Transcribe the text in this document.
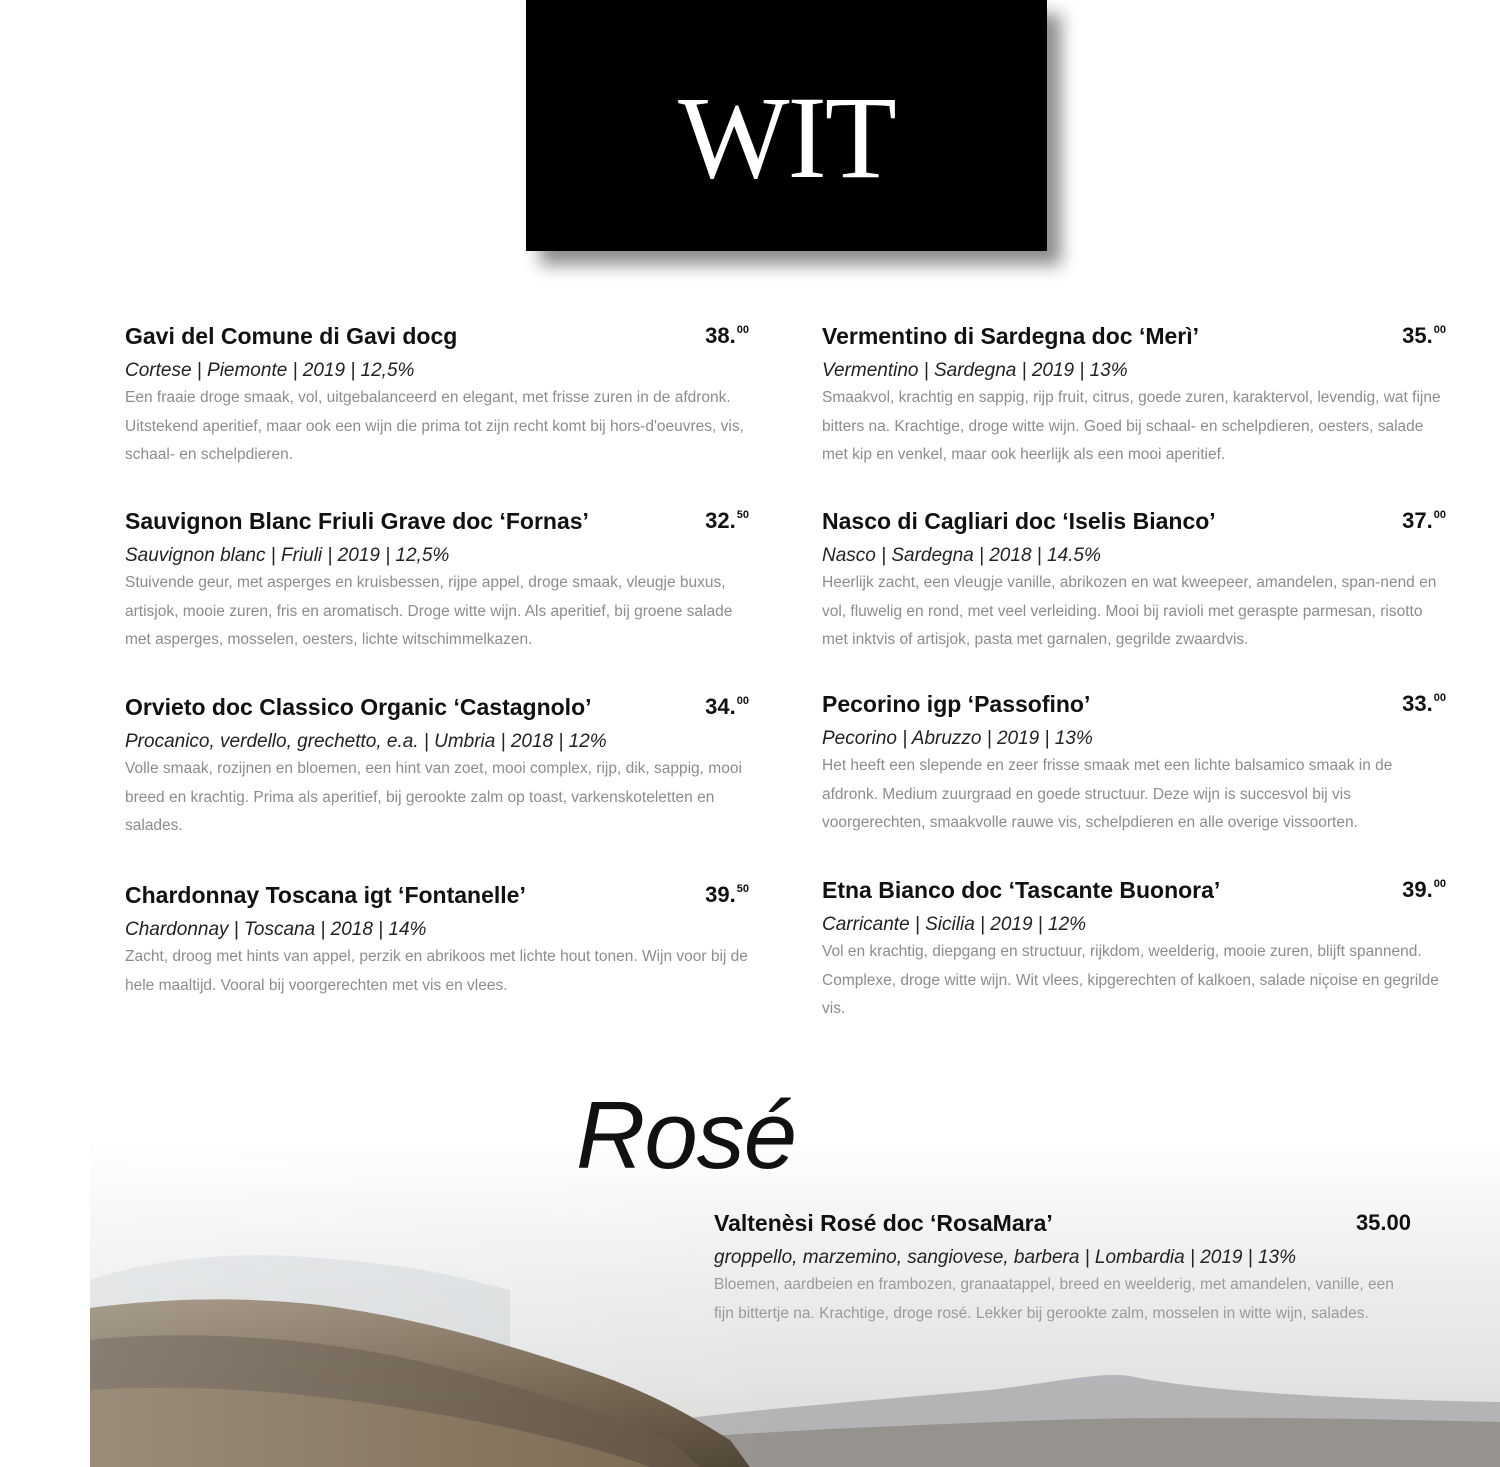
WIT
Gavi del Comune di Gavi docg	38.00
Cortese | Piemonte | 2019 | 12,5%
Een fraaie droge smaak, vol, uitgebalanceerd en elegant, met frisse zuren in de afdronk. Uitstekend aperitief, maar ook een wijn die prima tot zijn recht komt bij hors-d'oeuvres, vis, schaal- en schelpdieren.
Sauvignon Blanc Friuli Grave doc ‘Fornas’	32.50
Sauvignon blanc | Friuli | 2019 | 12,5%
Stuivende geur, met asperges en kruisbessen, rijpe appel, droge smaak, vleugje buxus, artisjok, mooie zuren, fris en aromatisch. Droge witte wijn. Als aperitief, bij groene salade met asperges, mosselen, oesters, lichte witschimmelkazen.
Orvieto doc Classico Organic ‘Castagnolo’	34.00
Procanico, verdello, grechetto, e.a. | Umbria | 2018 | 12%
Volle smaak, rozijnen en bloemen, een hint van zoet, mooi complex, rijp, dik, sappig, mooi breed en krachtig. Prima als aperitief, bij gerookte zalm op toast, varkenskoteletten en salades.
Chardonnay Toscana igt ‘Fontanelle’	39.50
Chardonnay | Toscana | 2018 | 14%
Zacht, droog met hints van appel, perzik en abrikoos met lichte hout tonen. Wijn voor bij de hele maaltijd. Vooral bij voorgerechten met vis en vlees.
Vermentino di Sardegna doc ‘Merì’	35.00
Vermentino | Sardegna | 2019 | 13%
Smaakvol, krachtig en sappig, rijp fruit, citrus, goede zuren, karaktervol, levendig, wat fijne bitters na. Krachtige, droge witte wijn. Goed bij schaal- en schelpdieren, oesters, salade met kip en venkel, maar ook heerlijk als een mooi aperitief.
Nasco di Cagliari doc ‘Iselis Bianco’	37.00
Nasco | Sardegna | 2018 | 14.5%
Heerlijk zacht, een vleugje vanille, abrikozen en wat kweepeer, amandelen, span-nend en vol, fluwelig en rond, met veel verleiding. Mooi bij ravioli met geraspte parmesan, risotto met inktvis of artisjok, pasta met garnalen, gegrilde zwaardvis.
Pecorino igp ‘Passofino’	33.00
Pecorino | Abruzzo | 2019 | 13%
Het heeft een slepende en zeer frisse smaak met een lichte balsamico smaak in de afdronk. Medium zuurgraad en goede structuur. Deze wijn is succesvol bij vis voorgerechten, smaakvolle rauwe vis, schelpdieren en alle overige vissoorten.
Etna Bianco doc ‘Tascante Buonora’	39.00
Carricante | Sicilia | 2019 | 12%
Vol en krachtig, diepgang en structuur, rijkdom, weelderig, mooie zuren, blijft spannend. Complexe, droge witte wijn. Wit vlees, kipgerechten of kalkoen, salade niçoise en gegrilde vis.
Rosé
Valtenèsi Rosé doc ‘RosaMara’	35.00
groppello, marzemino, sangiovese, barbera | Lombardia | 2019 | 13%
Bloemen, aardbeien en frambozen, granaatappel, breed en weelderig, met amandelen, vanille, een fijn bittertje na. Krachtige, droge rosé. Lekker bij gerookte zalm, mosselen in witte wijn, salades.
